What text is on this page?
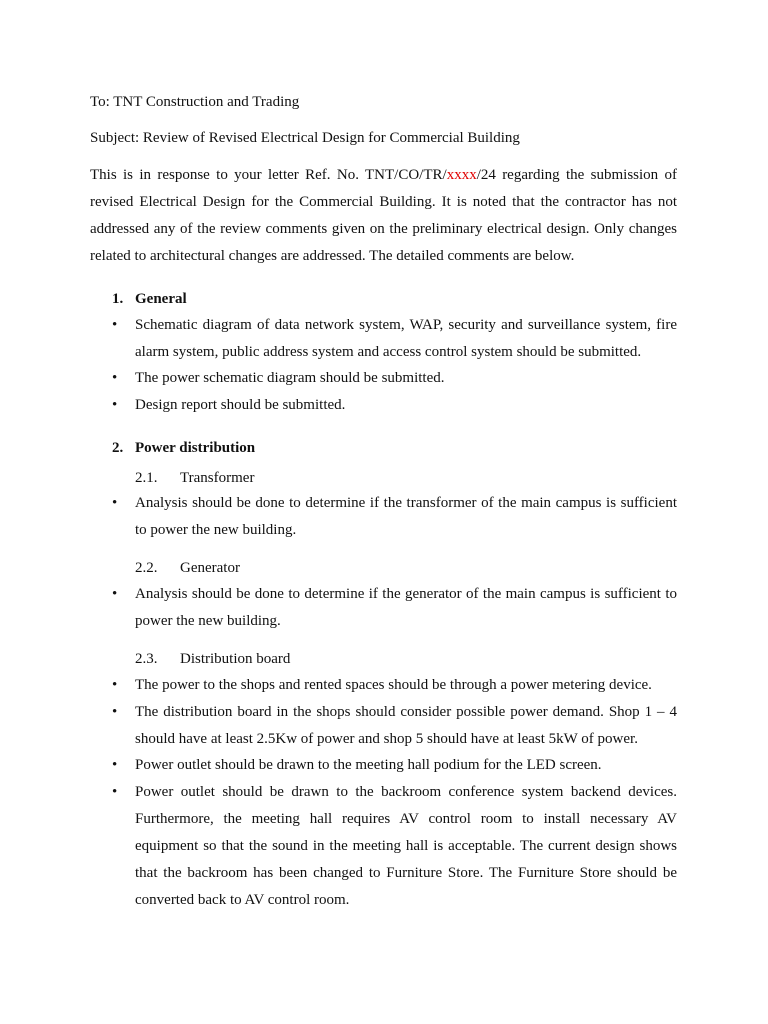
To: TNT Construction and Trading
Subject: Review of Revised Electrical Design for Commercial Building
This is in response to your letter Ref. No. TNT/CO/TR/xxxx/24 regarding the submission of revised Electrical Design for the Commercial Building. It is noted that the contractor has not addressed any of the review comments given on the preliminary electrical design. Only changes related to architectural changes are addressed. The detailed comments are below.
1. General
• Schematic diagram of data network system, WAP, security and surveillance system, fire alarm system, public address system and access control system should be submitted.
• The power schematic diagram should be submitted.
• Design report should be submitted.
2. Power distribution
2.1. Transformer
• Analysis should be done to determine if the transformer of the main campus is sufficient to power the new building.
2.2. Generator
• Analysis should be done to determine if the generator of the main campus is sufficient to power the new building.
2.3. Distribution board
• The power to the shops and rented spaces should be through a power metering device.
• The distribution board in the shops should consider possible power demand. Shop 1 – 4 should have at least 2.5Kw of power and shop 5 should have at least 5kW of power.
• Power outlet should be drawn to the meeting hall podium for the LED screen.
• Power outlet should be drawn to the backroom conference system backend devices. Furthermore, the meeting hall requires AV control room to install necessary AV equipment so that the sound in the meeting hall is acceptable. The current design shows that the backroom has been changed to Furniture Store. The Furniture Store should be converted back to AV control room.
